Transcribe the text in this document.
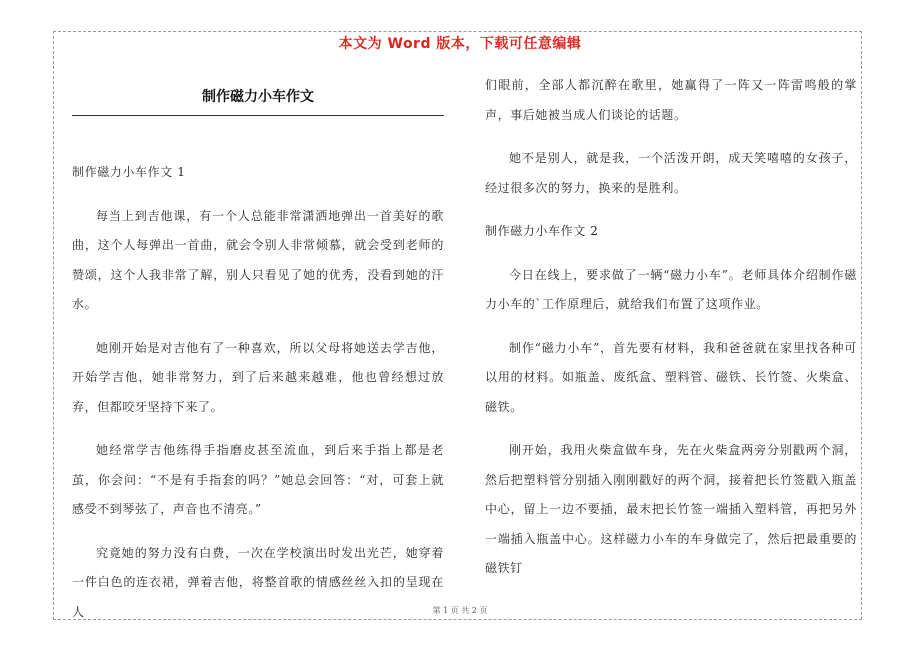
本文为 Word 版本，下载可任意编辑
制作磁力小车作文
制作磁力小车作文 1

每当上到吉他课，有一个人总能非常潇洒地弹出一首美好的歌曲，这个人每弹出一首曲，就会令别人非常倾慕，就会受到老师的赞颂，这个人我非常了解，别人只看见了她的优秀，没看到她的汗水。

她刚开始是对吉他有了一种喜欢，所以父母将她送去学吉他，开始学吉他，她非常努力，到了后来越来越难，他也曾经想过放弃，但都咬牙坚持下来了。

她经常学吉他练得手指磨皮甚至流血，到后来手指上都是老茧，你会问：“不是有手指套的吗？”她总会回答：“对，可套上就感受不到琴弦了，声音也不清亮。”

究竟她的努力没有白费，一次在学校演出时发出光芒，她穿着一件白色的连衣裙，弹着吉他，将整首歌的情感丝丝入扣的呈现在人

们眼前，全部人都沉醉在歌里，她赢得了一阵又一阵雷鸣般的掌声，事后她被当成人们谈论的话题。

她不是别人，就是我，一个活泼开朗，成天笑嘻嘻的女孩子，经过很多次的努力，换来的是胜利。

制作磁力小车作文 2

今日在线上，要求做了一辆“磁力小车”。老师具体介绍制作磁力小车的`工作原理后，就给我们布置了这项作业。

制作“磁力小车”，首先要有材料，我和爸爸就在家里找各种可以用的材料。如瓶盖、废纸盒、塑料管、磁铁、长竹签、火柴盒、磁铁。

刚开始，我用火柴盒做车身，先在火柴盒两旁分别戳两个洞，然后把塑料管分别插入刚刚戳好的两个洞，接着把长竹签戳入瓶盖中心，留上一边不要插，最末把长竹签一端插入塑料管，再把另外一端插入瓶盖中心。这样磁力小车的车身做完了，然后把最重要的磁铁钉

第 1 页 共 2 页
